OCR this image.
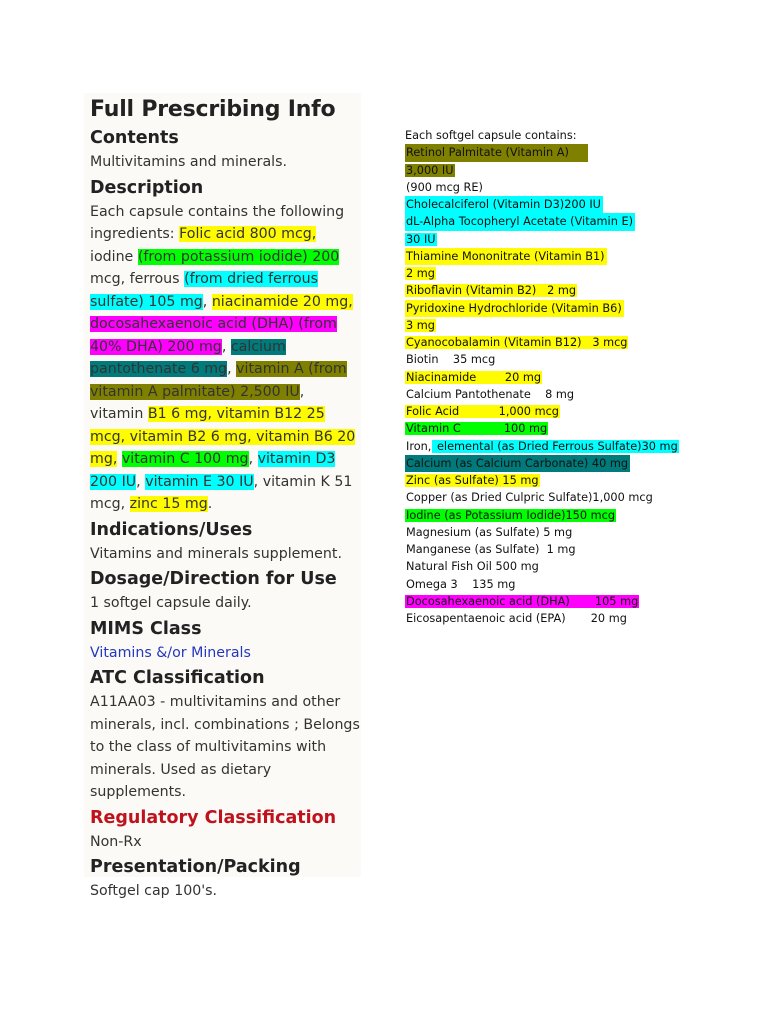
Full Prescribing Info
Contents
Multivitamins and minerals.
Description
Each capsule contains the following ingredients: Folic acid 800 mcg, iodine (from potassium iodide) 200 mcg, ferrous (from dried ferrous sulfate) 105 mg, niacinamide 20 mg, docosahexaenoic acid (DHA) (from 40% DHA) 200 mg, calcium pantothenate 6 mg, vitamin A (from vitamin A palmitate) 2,500 IU, vitamin B1 6 mg, vitamin B12 25 mcg, vitamin B2 6 mg, vitamin B6 20 mg, vitamin C 100 mg, vitamin D3 200 IU, vitamin E 30 IU, vitamin K 51 mcg, zinc 15 mg.
Indications/Uses
Vitamins and minerals supplement.
Dosage/Direction for Use
1 softgel capsule daily.
MIMS Class
Vitamins &/or Minerals
ATC Classification
A11AA03 - multivitamins and other minerals, incl. combinations ; Belongs to the class of multivitamins with minerals. Used as dietary supplements.
Regulatory Classification
Non-Rx
Presentation/Packing
Softgel cap 100's.
Each softgel capsule contains:
Retinol Palmitate (Vitamin A)
3,000 IU
(900 mcg RE)
Cholecalciferol (Vitamin D3)200 IU
dL-Alpha Tocopheryl Acetate (Vitamin E)
30 IU
Thiamine Mononitrate (Vitamin B1)
2 mg
Riboflavin (Vitamin B2)   2 mg
Pyridoxine Hydrochloride (Vitamin B6)
3 mg
Cyanocobalamin (Vitamin B12)   3 mcg
Biotin    35 mcg
Niacinamide        20 mg
Calcium Pantothenate    8 mg
Folic Acid           1,000 mcg
Vitamin C            100 mg
Iron, elemental (as Dried Ferrous Sulfate)30 mg
Calcium (as Calcium Carbonate) 40 mg
Zinc (as Sulfate) 15 mg
Copper (as Dried Culpric Sulfate)1,000 mcg
Iodine (as Potassium Iodide)150 mcg
Magnesium (as Sulfate) 5 mg
Manganese (as Sulfate)  1 mg
Natural Fish Oil 500 mg
Omega 3    135 mg
Docosahexaenoic acid (DHA)       105 mg
Eicosapentaenoic acid (EPA)       20 mg
